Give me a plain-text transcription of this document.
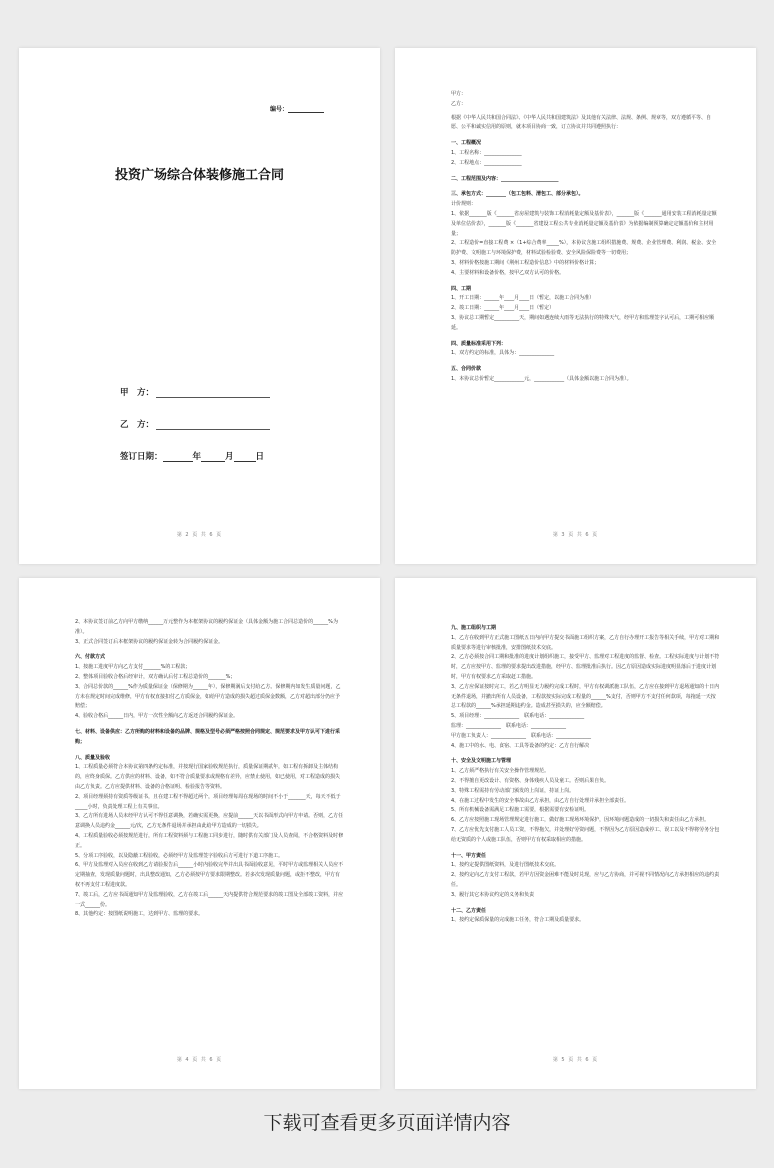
编号：
投资广场综合体装修施工合同
甲　方：
乙　方：
签订日期：	年	月	日
第 2 页 共 6 页
甲方：
乙方：
根据《中华人民共和国合同法》、《中华人民共和国建筑法》及其他有关法律、法规、条例、规章等，双方遵循平等、自愿、公平和诚实信用的原则，就本项目协商一致，订立协议并共同遵照执行：
一、工程概况
1、工程名称：_______________
2、工程地点：_______________
二、工程范围及内容：_______________________
三、承包方式：________（包工包料、清包工、部分承包）。
计价规则：
1、依据_______版《_______省房屋建筑与装饰工程消耗量定额及基价表》，_______版《_______通用安装工程消耗量定额及单位估价表》，_______版《_______省建设工程公共专业消耗量定额及基价表》为依据编制预算确定定额基价和主材用量；
2、工程造价=直接工程费 ×（1+综合费率_____%），本协议含施工组织措施费、规费、企业管理费、利润、税金、安全防护费、文明施工与环境保护费，材料试验检验费、安全风险保险费等一切费用；
3、材料价格按施工期间《荆州工程造价信息》中的材料价格计算；
4、主要材料和设备价格，按甲乙双方认可的价格。
四、工期
1、开工日期：______年____月____日（暂定，以施工合同为准）
2、竣工日期：______年____月____日（暂定）
3、协议总工期暂定__________天，期间如遇连续大雨等无法执行的特殊天气，经甲方和监理签字认可后，工期可相应顺延。
四、质量标准采用下列：
1、双方约定的标准，具体为：______________
五、合同价款
1、本协议总价暂定____________元，____________（具体金额以施工合同为准）。
第 3 页 共 6 页
2、本协议签订前乙方向甲方缴纳______万元整作为本框架协议的履约保证金（具体金额为施工合同总造价的______%为准）。
3、正式合同签订后本框架协议的履约保证金转为合同履约保证金。
六、付款方式
1、按施工进度甲方向乙方支付_______%的工程款；
2、整体项目验收合格后经审计，双方确认后付工程总造价的_______%；
3、合同总价款的______%作为质量保证金（保修期为______年），保修期满后支付给乙方。保修期内如发生质量问题，乙方未在规定时间完成维修，甲方有权直接扣付乙方质保金，如给甲方造成的损失超过质保金数额，乙方对超出部分仍应予赔偿；
4、验收合格后______日内，甲方一次性全额向乙方返还合同履约保证金。
七、材料、设备供应：乙方所购的材料和设备的品牌、规格及型号必须严格按照合同规定、规范要求及甲方认可下进行采购；
八、质量及验收
1、工程质量必须符合本协议第四条约定标准，并按现行国家验收规范执行，质量保证期贰年，如工程有拆卸及主体结构的，应终身质保。乙方供应的材料、设备，如不符合质量要求或规格有差异，应禁止使用，如已使用，对工程造成的损失由乙方负责。乙方应提供材料、设备的合格证明、检验报告等资料。
2、项目经理须持有资质等级证书，且在建工程不得超过两个，项目经理每周在现场的时间不小于_______天，每天不低于_____小时，负责处理工程上有关事宜。
3、乙方所有进场人员未经甲方认可不得任意调换，若确实需更换，应提前______天以书面形式向甲方申请。否则，乙方任意调换人员违约金______元/次，乙方无条件退场并承担由此给甲方造成的一切损失。
4、工程质量验收必须按规范进行，所有工程资料须与工程施工同步进行，随时供有关部门及人员查阅，不合格资料及时修正。
5、分项工序验收，以及隐蔽工程验收，必须经甲方及监理签字验收后方可进行下道工序施工。
6、甲方及监理对入员应在收到乙方请验报告后______小时内验收完毕并出具书面验收意见，平时甲方或监理相关人员应不定期抽查，发现质量问题时，出具整改通知，乙方必须按甲方要求限期整改。若多次发现质量问题，或拒不整改，甲方有权不再支付工程进度款。
7、竣工后，乙方应书面通知甲方及监理验收，乙方在竣工后______天内提供符合规范要求的竣工图及全部竣工资料，并应一式______份。
8、其他约定：按图纸说明施工，达到甲方、监理的要求。
第 4 页 共 6 页
九、施工组织与工期
1、乙方在收到甲方正式施工图纸五日内向甲方提交书面施工组织方案，乙方自行办理开工报告等相关手续，甲方对工期和质量要求等进行审核批准，安排图纸技术交底。
2、乙方必须按合同工期和批准的进度计划组织施工，接受甲方、监理对工程进度的监督、检查。工程实际进度与计划不符时，乙方应按甲方、监理的要求提出改进措施，经甲方、监理批准后执行。因乙方原因造成实际进度明显落后于进度计划时，甲方有权要求乙方采取赶工措施。
3、乙方应保证按时完工，若乙方明显无力履约完成工程时，甲方有权调派施工队伍，乙方应在接到甲方退场通知的十日内无条件退场，并撤出所有人员设备，工程款按实际完成工程量的______%支付，否则甲方不支付任何款项，每拖延一天按总工程款的______%承担延期违约金。造成甚至损失的，应全额赔偿。
5、项目经理：______________　联系电话：______________
监理：______________　联系电话：______________
甲方施工负责人：______________　联系电话：______________
4、施工中的水、电、食宿、工具等设备的约定：乙方自行解决
十、安全及文明施工与管理
1、乙方须严格执行有关安全操作管理规范。
2、不得擅自更改设计、有资格、身体残疾人员及童工。否则后果自负。
3、特殊工程需持有劳动部门颁发的上岗证，持证上岗。
4、在施工过程中发生的安全事故由乙方承担，由乙方自行处理并承担全部责任。
5、所有机械设备需满足工程施工需要，根据需要有安检证明。
6、乙方应按照施工现场管理规定进行施工，做好施工现场环境保护，因环境问题造成的一切损失和责任由乙方承担。
7、乙方应优先支付施工人员工资，不得拖欠，并处理好劳资问题，不得因为乙方原因造成停工、误工以及不得将劳务分包给无资质的个人或施工队伍，否则甲方有权采取相应的措施。
十一、甲方责任
1、按约定提供图纸资料，及进行图纸技术交底。
2、按约定向乙方支付工程款，若甲方因资金困难不能及时兑现，应与乙方协商，并可视不同情况向乙方承担相应的违约责任。
3、履行其它本协议约定的义务和负责
十二、乙方责任
1、按约定保质保量的完成施工任务，符合工期及质量要求。
第 5 页 共 6 页
下载可查看更多页面详情内容
